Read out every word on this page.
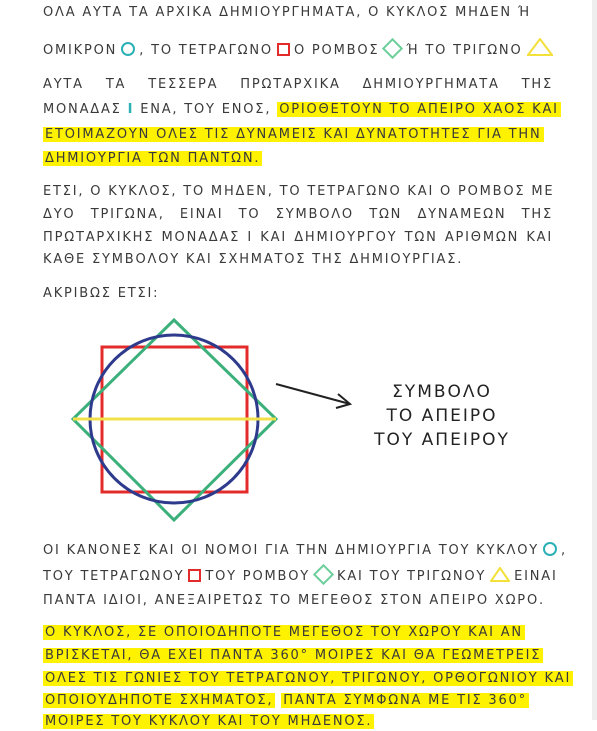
ΟΛΑ ΑΥΤΑ ΤΑ ΑΡΧΙΚΑ ΔΗΜΙΟΥΡΓΗΜΑΤΑ, Ο ΚΥΚΛΟΣ ΜΗΔΕΝ Ή
ΟΜΙΚΡΟΝ , ΤΟ ΤΕΤΡΑΓΩΝΟ Ο ΡΟΜΒΟΣ Ή ΤΟ ΤΡΙΓΩΝΟ
ΑΥΤΑ ΤΑ ΤΕΣΣΕΡΑ ΠΡΩΤΑΡΧΙΚΑ ΔΗΜΙΟΥΡΓΗΜΑΤΑ ΤΗΣ
ΜΟΝΑΔΑΣ I ΕΝΑ, ΤΟΥ ΕΝΟΣ, ΟΡΙΟΘΕΤΟΥΝ ΤΟ ΑΠΕΙΡΟ ΧΑΟΣ ΚΑΙ
ΕΤΟΙΜΑΖΟΥΝ ΟΛΕΣ ΤΙΣ ΔΥΝΑΜΕΙΣ ΚΑΙ ΔΥΝΑΤΟΤΗΤΕΣ ΓΙΑ ΤΗΝ
ΔΗΜΙΟΥΡΓΙΑ ΤΩΝ ΠΑΝΤΩΝ.
ΕΤΣΙ, Ο ΚΥΚΛΟΣ, ΤΟ ΜΗΔΕΝ, ΤΟ ΤΕΤΡΑΓΩΝΟ ΚΑΙ Ο ΡΟΜΒΟΣ ΜΕ
ΔΥΟ ΤΡΙΓΩΝΑ, ΕΙΝΑΙ ΤΟ ΣΥΜΒΟΛΟ ΤΩΝ ΔΥΝΑΜΕΩΝ ΤΗΣ
ΠΡΩΤΑΡΧΙΚΗΣ ΜΟΝΑΔΑΣ Ι ΚΑΙ ΔΗΜΙΟΥΡΓΟΥ ΤΩΝ ΑΡΙΘΜΩΝ ΚΑΙ
ΚΑΘΕ ΣΥΜΒΟΛΟΥ ΚΑΙ ΣΧΗΜΑΤΟΣ ΤΗΣ ΔΗΜΙΟΥΡΓΙΑΣ.
ΑΚΡΙΒΩΣ ΕΤΣΙ:
ΣΥΜΒΟΛΟ
ΤΟ ΑΠΕΙΡΟ
ΤΟΥ ΑΠΕΙΡΟΥ
ΟΙ ΚΑΝΟΝΕΣ ΚΑΙ ΟΙ ΝΟΜΟΙ ΓΙΑ ΤΗΝ ΔΗΜΙΟΥΡΓΙΑ ΤΟΥ ΚΥΚΛΟΥ ,
ΤΟΥ ΤΕΤΡΑΓΩΝΟΥ ΤΟΥ ΡΟΜΒΟΥ ΚΑΙ ΤΟΥ ΤΡΙΓΩΝΟΥ ΕΙΝΑΙ
ΠΑΝΤΑ ΙΔΙΟΙ, ΑΝΕΞΑΙΡΕΤΩΣ ΤΟ ΜΕΓΕΘΟΣ ΣΤΟΝ ΑΠΕΙΡΟ ΧΩΡΟ.
Ο ΚΥΚΛΟΣ, ΣΕ ΟΠΟΙΟΔΗΠΟΤΕ ΜΕΓΕΘΟΣ ΤΟΥ ΧΩΡΟΥ ΚΑΙ ΑΝ
ΒΡΙΣΚΕΤΑΙ, ΘΑ ΕΧΕΙ ΠΑΝΤΑ 360° ΜΟΙΡΕΣ ΚΑΙ ΘΑ ΓΕΩΜΕΤΡΕΙΣ
ΟΛΕΣ ΤΙΣ ΓΩΝΙΕΣ ΤΟΥ ΤΕΤΡΑΓΩΝΟΥ, ΤΡΙΓΩΝΟΥ, ΟΡΘΟΓΩΝΙΟΥ ΚΑΙ
ΟΠΟΙΟΥΔΗΠΟΤΕ ΣΧΗΜΑΤΟΣ, ΠΑΝΤΑ ΣΥΜΦΩΝΑ ΜΕ ΤΙΣ 360°
ΜΟΙΡΕΣ ΤΟΥ ΚΥΚΛΟΥ ΚΑΙ ΤΟΥ ΜΗΔΕΝΟΣ.
